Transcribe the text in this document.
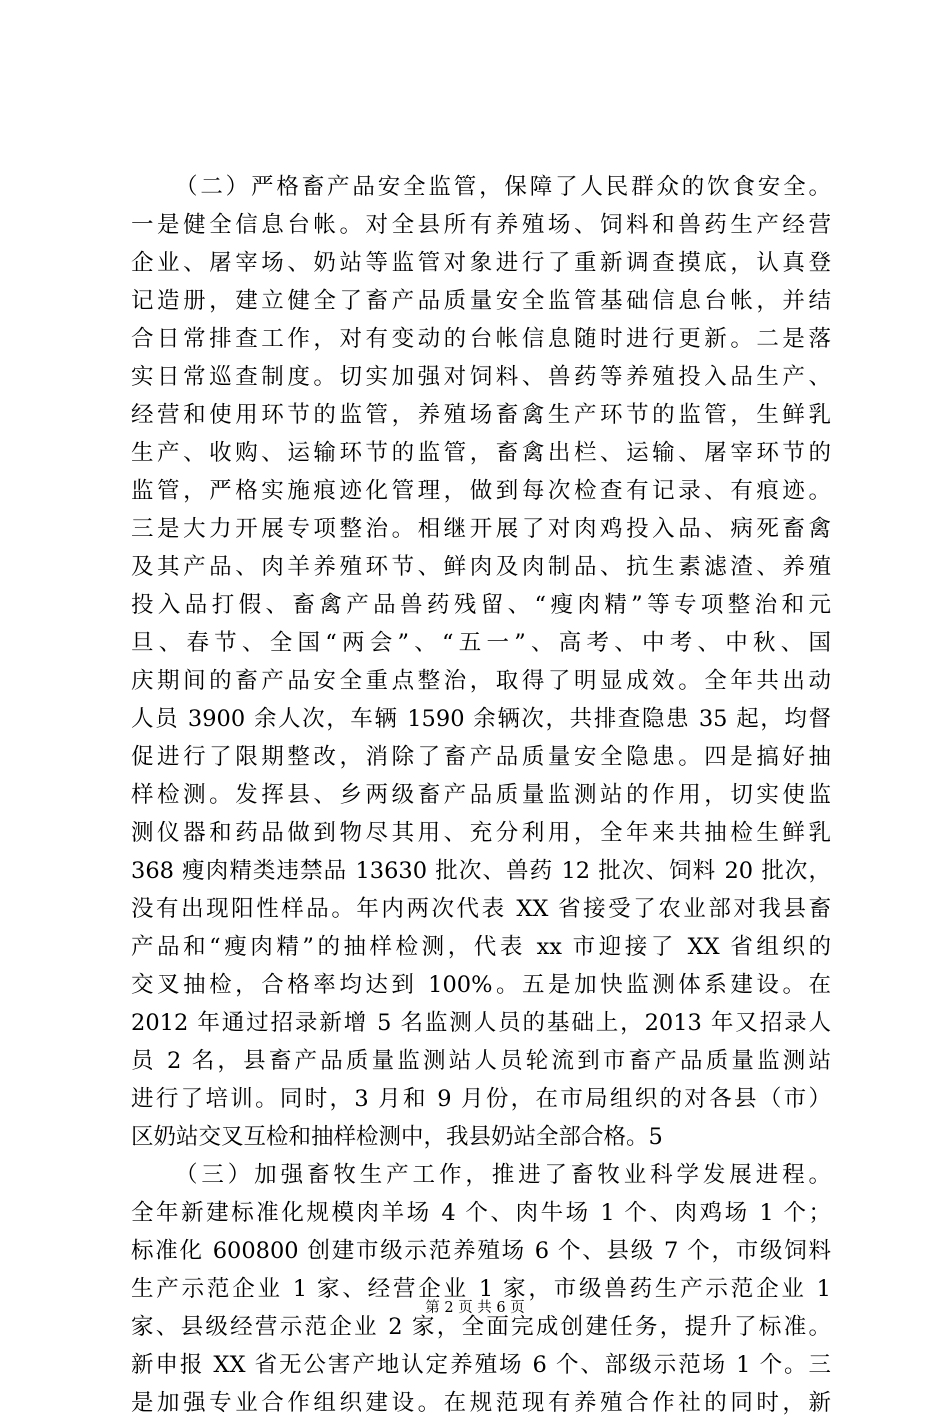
（二）严格畜产品安全监管，保障了人民群众的饮食安全。
一是健全信息台帐。对全县所有养殖场、饲料和兽药生产经营
企业、屠宰场、奶站等监管对象进行了重新调查摸底，认真登
记造册，建立健全了畜产品质量安全监管基础信息台帐，并结
合日常排查工作，对有变动的台帐信息随时进行更新。二是落
实日常巡查制度。切实加强对饲料、兽药等养殖投入品生产、
经营和使用环节的监管，养殖场畜禽生产环节的监管，生鲜乳
生产、收购、运输环节的监管，畜禽出栏、运输、屠宰环节的
监管，严格实施痕迹化管理，做到每次检查有记录、有痕迹。
三是大力开展专项整治。相继开展了对肉鸡投入品、病死畜禽
及其产品、肉羊养殖环节、鲜肉及肉制品、抗生素滤渣、养殖
投入品打假、畜禽产品兽药残留、“瘦肉精”等专项整治和元
旦、春节、全国“两会”、“五一”、高考、中考、中秋、国
庆期间的畜产品安全重点整治，取得了明显成效。全年共出动
人员 3900 余人次，车辆 1590 余辆次，共排查隐患 35 起，均督
促进行了限期整改，消除了畜产品质量安全隐患。四是搞好抽
样检测。发挥县、乡两级畜产品质量监测站的作用，切实使监
测仪器和药品做到物尽其用、充分利用，全年来共抽检生鲜乳
368 瘦肉精类违禁品 13630 批次、兽药 12 批次、饲料 20 批次，
没有出现阳性样品。年内两次代表 XX 省接受了农业部对我县畜
产品和“瘦肉精”的抽样检测，代表 xx 市迎接了 XX 省组织的
交叉抽检，合格率均达到 100%。五是加快监测体系建设。在
2012 年通过招录新增 5 名监测人员的基础上，2013 年又招录人
员 2 名，县畜产品质量监测站人员轮流到市畜产品质量监测站
进行了培训。同时，3 月和 9 月份，在市局组织的对各县（市）
区奶站交叉互检和抽样检测中，我县奶站全部合格。5
（三）加强畜牧生产工作，推进了畜牧业科学发展进程。
全年新建标准化规模肉羊场 4 个、肉牛场 1 个、肉鸡场 1 个；
标准化 600800 创建市级示范养殖场 6 个、县级 7 个，市级饲料
生产示范企业 1 家、经营企业 1 家，市级兽药生产示范企业 1
家、县级经营示范企业 2 家，全面完成创建任务，提升了标准。
新申报 XX 省无公害产地认定养殖场 6 个、部级示范场 1 个。三
是加强专业合作组织建设。在规范现有养殖合作社的同时，新
第 2 页 共 6 页
